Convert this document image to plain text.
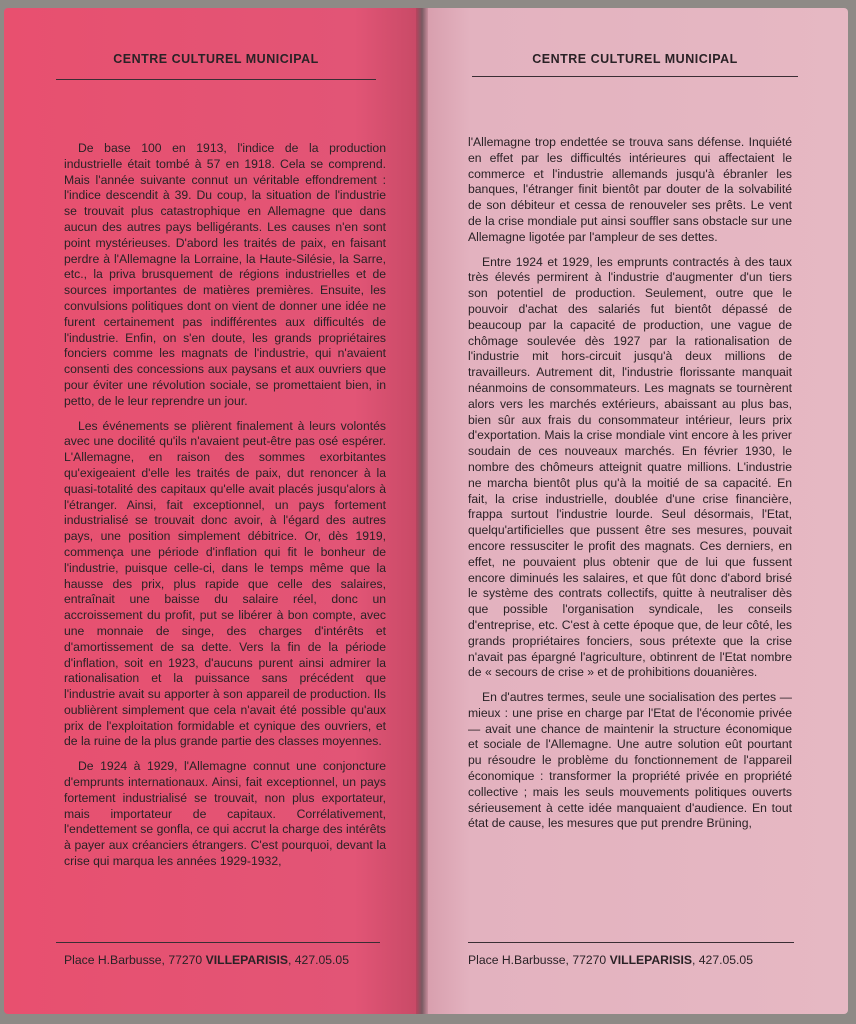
CENTRE CULTUREL MUNICIPAL

De base 100 en 1913, l'indice de la production industrielle était tombé à 57 en 1918. Cela se comprend. Mais l'année suivante connut un véritable effondrement : l'indice descendit à 39. Du coup, la situation de l'industrie se trouvait plus catastrophique en Allemagne que dans aucun des autres pays belligérants. Les causes n'en sont point mystérieuses. D'abord les traités de paix, en faisant perdre à l'Allemagne la Lorraine, la Haute-Silésie, la Sarre, etc., la priva brusquement de régions industrielles et de sources importantes de matières premières. Ensuite, les convulsions politiques dont on vient de donner une idée ne furent certainement pas indifférentes aux difficultés de l'industrie. Enfin, on s'en doute, les grands propriétaires fonciers comme les magnats de l'industrie, qui n'avaient consenti des concessions aux paysans et aux ouvriers que pour éviter une révolution sociale, se promettaient bien, in petto, de le leur reprendre un jour.

Les événements se plièrent finalement à leurs volontés avec une docilité qu'ils n'avaient peut-être pas osé espérer. L'Allemagne, en raison des sommes exorbitantes qu'exigeaient d'elle les traités de paix, dut renoncer à la quasi-totalité des capitaux qu'elle avait placés jusqu'alors à l'étranger. Ainsi, fait exceptionnel, un pays fortement industrialisé se trouvait donc avoir, à l'égard des autres pays, une position simplement débitrice. Or, dès 1919, commença une période d'inflation qui fit le bonheur de l'industrie, puisque celle-ci, dans le temps même que la hausse des prix, plus rapide que celle des salaires, entraînait une baisse du salaire réel, donc un accroissement du profit, put se libérer à bon compte, avec une monnaie de singe, des charges d'intérêts et d'amortissement de sa dette. Vers la fin de la période d'inflation, soit en 1923, d'aucuns purent ainsi admirer la rationalisation et la puissance sans précédent que l'industrie avait su apporter à son appareil de production. Ils oublièrent simplement que cela n'avait été possible qu'aux prix de l'exploitation formidable et cynique des ouvriers, et de la ruine de la plus grande partie des classes moyennes.

De 1924 à 1929, l'Allemagne connut une conjoncture d'emprunts internationaux. Ainsi, fait exceptionnel, un pays fortement industrialisé se trouvait, non plus exportateur, mais importateur de capitaux. Corrélativement, l'endettement se gonfla, ce qui accrut la charge des intérêts à payer aux créanciers étrangers. C'est pourquoi, devant la crise qui marqua les années 1929-1932,

Place H.Barbusse, 77270 VILLEPARISIS, 427.05.05
CENTRE CULTUREL MUNICIPAL

l'Allemagne trop endettée se trouva sans défense. Inquiété en effet par les difficultés intérieures qui affectaient le commerce et l'industrie allemands jusqu'à ébranler les banques, l'étranger finit bientôt par douter de la solvabilité de son débiteur et cessa de renouveler ses prêts. Le vent de la crise mondiale put ainsi souffler sans obstacle sur une Allemagne ligotée par l'ampleur de ses dettes.

Entre 1924 et 1929, les emprunts contractés à des taux très élevés permirent à l'industrie d'augmenter d'un tiers son potentiel de production. Seulement, outre que le pouvoir d'achat des salariés fut bientôt dépassé de beaucoup par la capacité de production, une vague de chômage soulevée dès 1927 par la rationalisation de l'industrie mit hors-circuit jusqu'à deux millions de travailleurs. Autrement dit, l'industrie florissante manquait néanmoins de consommateurs. Les magnats se tournèrent alors vers les marchés extérieurs, abaissant au plus bas, bien sûr aux frais du consommateur intérieur, leurs prix d'exportation. Mais la crise mondiale vint encore à les priver soudain de ces nouveaux marchés. En février 1930, le nombre des chômeurs atteignit quatre millions. L'industrie ne marcha bientôt plus qu'à la moitié de sa capacité. En fait, la crise industrielle, doublée d'une crise financière, frappa surtout l'industrie lourde. Seul désormais, l'Etat, quelqu'artificielles que pussent être ses mesures, pouvait encore ressusciter le profit des magnats. Ces derniers, en effet, ne pouvaient plus obtenir que de lui que fussent encore diminués les salaires, et que fût donc d'abord brisé le système des contrats collectifs, quitte à neutraliser dès que possible l'organisation syndicale, les conseils d'entreprise, etc. C'est à cette époque que, de leur côté, les grands propriétaires fonciers, sous prétexte que la crise n'avait pas épargné l'agriculture, obtinrent de l'Etat nombre de « secours de crise » et de prohibitions douanières.

En d'autres termes, seule une socialisation des pertes — mieux : une prise en charge par l'Etat de l'économie privée — avait une chance de maintenir la structure économique et sociale de l'Allemagne. Une autre solution eût pourtant pu résoudre le problème du fonctionnement de l'appareil économique : transformer la propriété privée en propriété collective ; mais les seuls mouvements politiques ouverts sérieusement à cette idée manquaient d'audience. En tout état de cause, les mesures que put prendre Brüning,

Place H.Barbusse, 77270 VILLEPARISIS, 427.05.05
